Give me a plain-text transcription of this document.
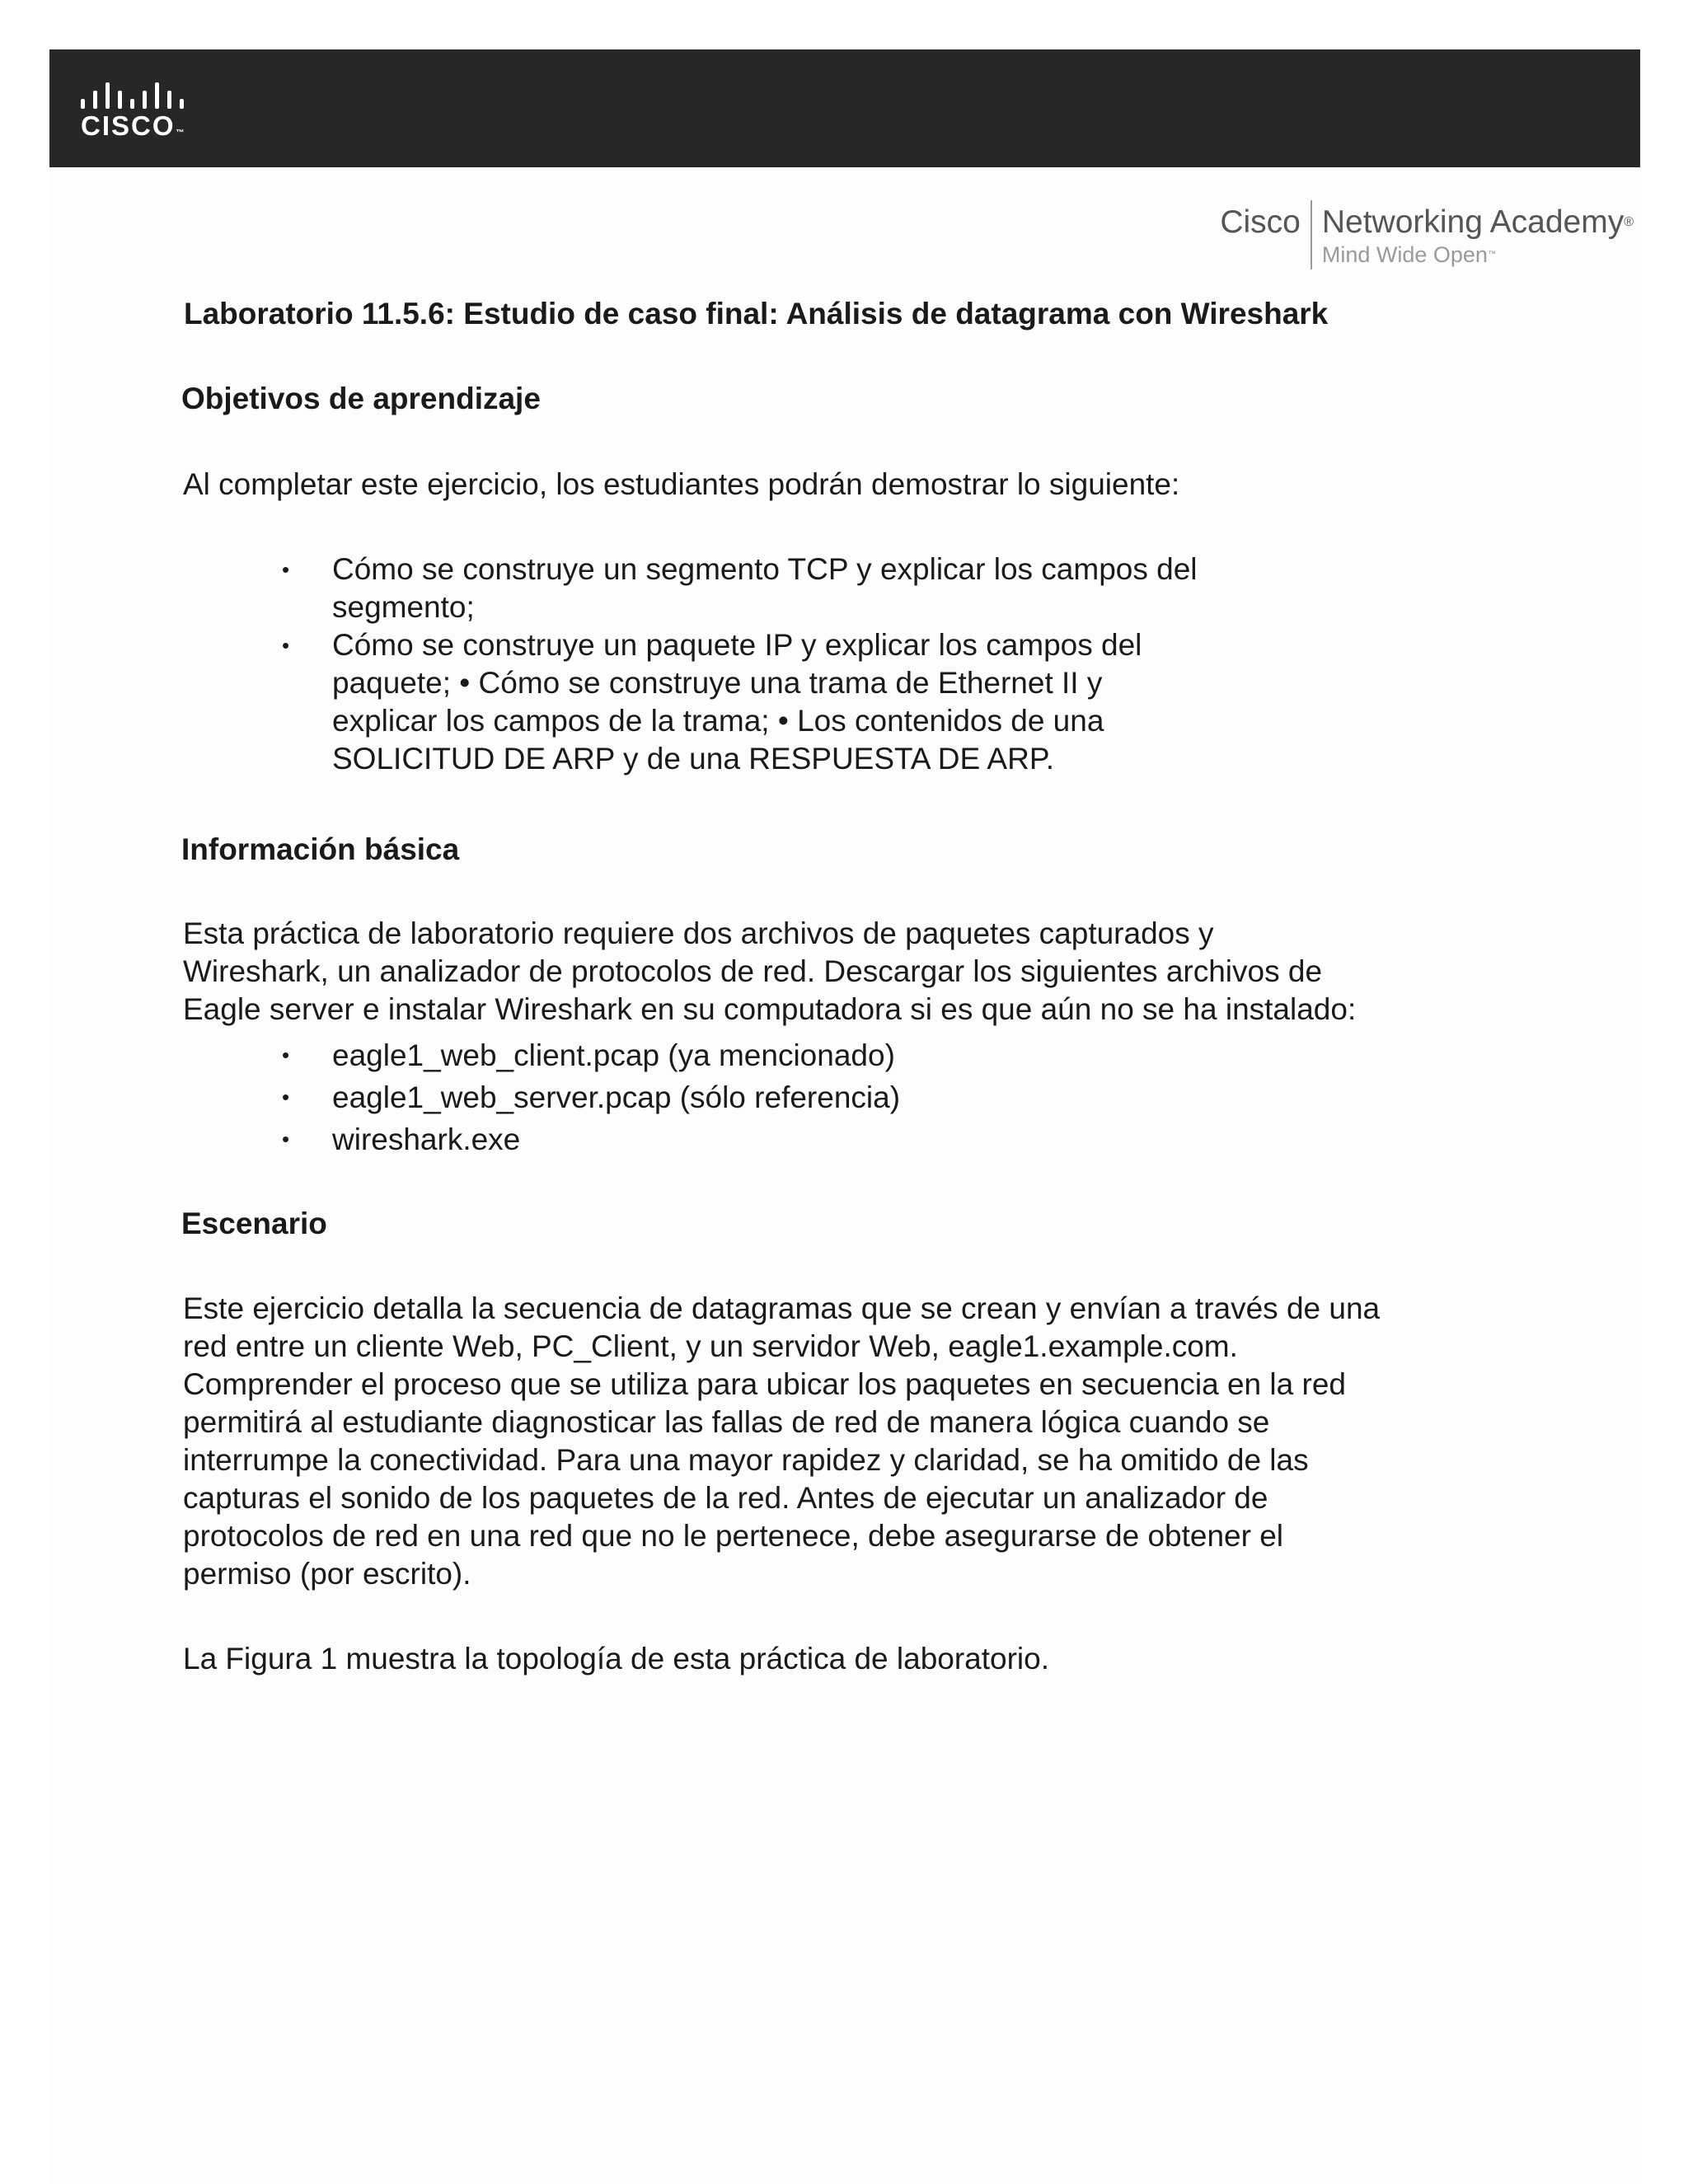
CISCO™
Cisco Networking Academy®
Mind Wide Open™
Laboratorio 11.5.6: Estudio de caso final: Análisis de datagrama con Wireshark
Objetivos de aprendizaje
Al completar este ejercicio, los estudiantes podrán demostrar lo siguiente:
• Cómo se construye un segmento TCP y explicar los campos del
segmento;
• Cómo se construye un paquete IP y explicar los campos del
paquete; • Cómo se construye una trama de Ethernet II y
explicar los campos de la trama; • Los contenidos de una
SOLICITUD DE ARP y de una RESPUESTA DE ARP.
Información básica
Esta práctica de laboratorio requiere dos archivos de paquetes capturados y
Wireshark, un analizador de protocolos de red. Descargar los siguientes archivos de
Eagle server e instalar Wireshark en su computadora si es que aún no se ha instalado:
• eagle1_web_client.pcap (ya mencionado)
• eagle1_web_server.pcap (sólo referencia)
• wireshark.exe
Escenario
Este ejercicio detalla la secuencia de datagramas que se crean y envían a través de una
red entre un cliente Web, PC_Client, y un servidor Web, eagle1.example.com.
Comprender el proceso que se utiliza para ubicar los paquetes en secuencia en la red
permitirá al estudiante diagnosticar las fallas de red de manera lógica cuando se
interrumpe la conectividad. Para una mayor rapidez y claridad, se ha omitido de las
capturas el sonido de los paquetes de la red. Antes de ejecutar un analizador de
protocolos de red en una red que no le pertenece, debe asegurarse de obtener el
permiso (por escrito).
La Figura 1 muestra la topología de esta práctica de laboratorio.
